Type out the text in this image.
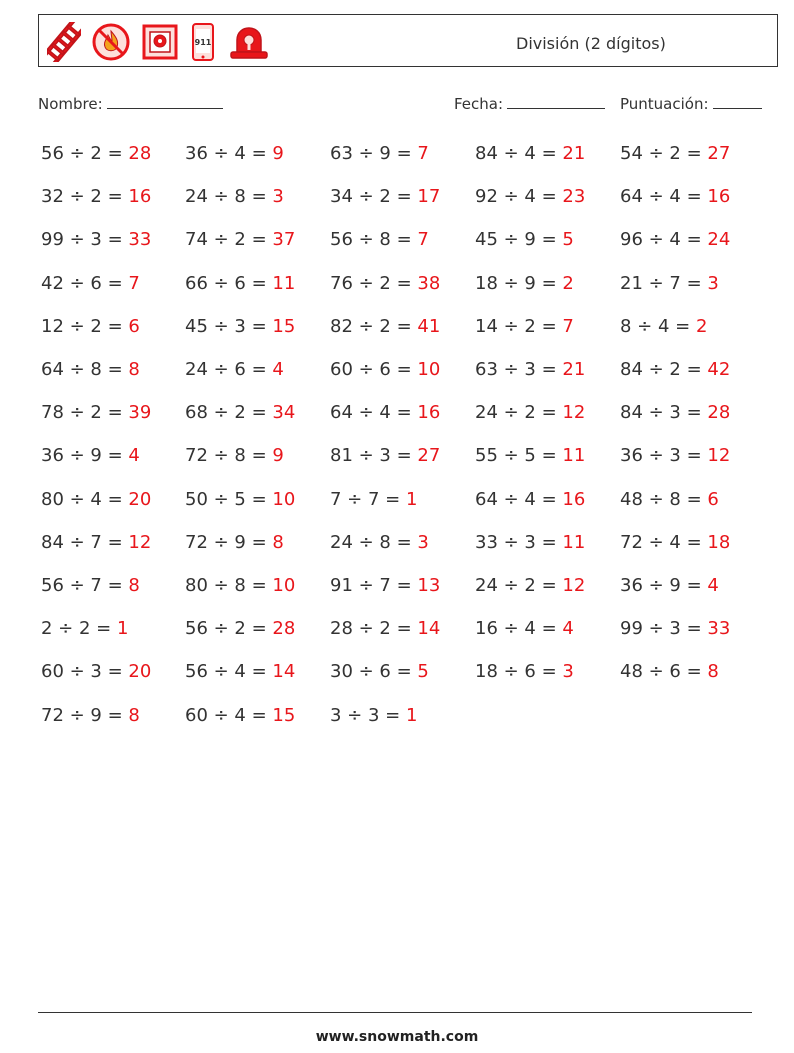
911	División (2 dígitos)
Nombre:	Fecha:	Puntuación:
56 ÷ 2 = 28 36 ÷ 4 = 9	63 ÷ 9 = 7	84 ÷ 4 = 21 54 ÷ 2 = 27
32 ÷ 2 = 16 24 ÷ 8 = 3	34 ÷ 2 = 17 92 ÷ 4 = 23 64 ÷ 4 = 16
99 ÷ 3 = 33 74 ÷ 2 = 37 56 ÷ 8 = 7	45 ÷ 9 = 5	96 ÷ 4 = 24
42 ÷ 6 = 7	66 ÷ 6 = 11 76 ÷ 2 = 38 18 ÷ 9 = 2	21 ÷ 7 = 3
12 ÷ 2 = 6	45 ÷ 3 = 15 82 ÷ 2 = 41 14 ÷ 2 = 7	8 ÷ 4 = 2
64 ÷ 8 = 8	24 ÷ 6 = 4	60 ÷ 6 = 10 63 ÷ 3 = 21 84 ÷ 2 = 42
78 ÷ 2 = 39 68 ÷ 2 = 34 64 ÷ 4 = 16 24 ÷ 2 = 12 84 ÷ 3 = 28
36 ÷ 9 = 4	72 ÷ 8 = 9	81 ÷ 3 = 27 55 ÷ 5 = 11 36 ÷ 3 = 12
80 ÷ 4 = 20 50 ÷ 5 = 10 7 ÷ 7 = 1	64 ÷ 4 = 16 48 ÷ 8 = 6
84 ÷ 7 = 12 72 ÷ 9 = 8	24 ÷ 8 = 3	33 ÷ 3 = 11 72 ÷ 4 = 18
56 ÷ 7 = 8	80 ÷ 8 = 10 91 ÷ 7 = 13 24 ÷ 2 = 12 36 ÷ 9 = 4
2 ÷ 2 = 1	56 ÷ 2 = 28 28 ÷ 2 = 14 16 ÷ 4 = 4	99 ÷ 3 = 33
60 ÷ 3 = 20 56 ÷ 4 = 14 30 ÷ 6 = 5	18 ÷ 6 = 3	48 ÷ 6 = 8
72 ÷ 9 = 8	60 ÷ 4 = 15 3 ÷ 3 = 1
www.snowmath.com
